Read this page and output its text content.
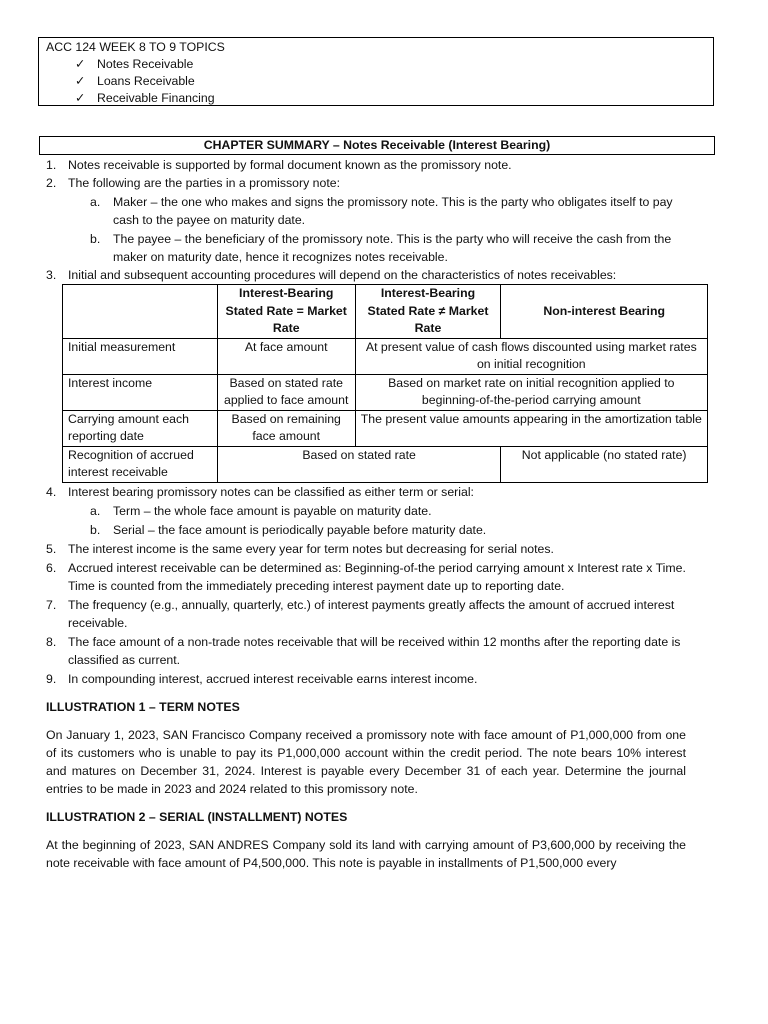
ACC 124 WEEK 8 TO 9 TOPICS
✓ Notes Receivable
✓ Loans Receivable
✓ Receivable Financing
CHAPTER SUMMARY – Notes Receivable (Interest Bearing)
1. Notes receivable is supported by formal document known as the promissory note.
2. The following are the parties in a promissory note:
a. Maker – the one who makes and signs the promissory note. This is the party who obligates itself to pay cash to the payee on maturity date.
b. The payee – the beneficiary of the promissory note. This is the party who will receive the cash from the maker on maturity date, hence it recognizes notes receivable.
3. Initial and subsequent accounting procedures will depend on the characteristics of notes receivables:
	Interest-Bearing Stated Rate = Market Rate	Interest-Bearing Stated Rate ≠ Market Rate	Non-interest Bearing
Initial measurement	At face amount	At present value of cash flows discounted using market rates on initial recognition	
Interest income	Based on stated rate applied to face amount	Based on market rate on initial recognition applied to beginning-of-the-period carrying amount	
Carrying amount each reporting date	Based on remaining face amount	The present value amounts appearing in the amortization table	
Recognition of accrued interest receivable	Based on stated rate		Not applicable (no stated rate)
4. Interest bearing promissory notes can be classified as either term or serial:
a. Term – the whole face amount is payable on maturity date.
b. Serial – the face amount is periodically payable before maturity date.
5. The interest income is the same every year for term notes but decreasing for serial notes.
6. Accrued interest receivable can be determined as: Beginning-of-the period carrying amount x Interest rate x Time. Time is counted from the immediately preceding interest payment date up to reporting date.
7. The frequency (e.g., annually, quarterly, etc.) of interest payments greatly affects the amount of accrued interest receivable.
8. The face amount of a non-trade notes receivable that will be received within 12 months after the reporting date is classified as current.
9. In compounding interest, accrued interest receivable earns interest income.
ILLUSTRATION 1 – TERM NOTES
On January 1, 2023, SAN Francisco Company received a promissory note with face amount of P1,000,000 from one of its customers who is unable to pay its P1,000,000 account within the credit period. The note bears 10% interest and matures on December 31, 2024. Interest is payable every December 31 of each year. Determine the journal entries to be made in 2023 and 2024 related to this promissory note.
ILLUSTRATION 2 – SERIAL (INSTALLMENT) NOTES
At the beginning of 2023, SAN ANDRES Company sold its land with carrying amount of P3,600,000 by receiving the note receivable with face amount of P4,500,000. This note is payable in installments of P1,500,000 every
